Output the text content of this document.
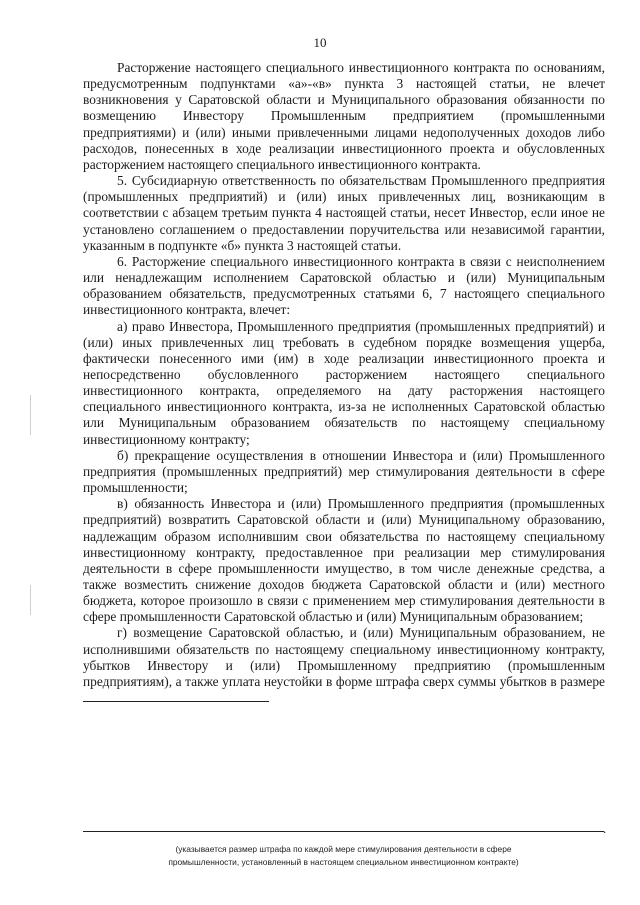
10

Расторжение настоящего специального инвестиционного контракта по основаниям, предусмотренным подпунктами «а»-«в» пункта 3 настоящей статьи, не влечет возникновения у Саратовской области и Муниципального образования обязанности по возмещению Инвестору Промышленным предприятием (промышленными предприятиями) и (или) иными привлеченными лицами недополученных доходов либо расходов, понесенных в ходе реализации инвестиционного проекта и обусловленных расторжением настоящего специального инвестиционного контракта.

5. Субсидиарную ответственность по обязательствам Промышленного предприятия (промышленных предприятий) и (или) иных привлеченных лиц, возникающим в соответствии с абзацем третьим пункта 4 настоящей статьи, несет Инвестор, если иное не установлено соглашением о предоставлении поручительства или независимой гарантии, указанным в подпункте «б» пункта 3 настоящей статьи.

6. Расторжение специального инвестиционного контракта в связи с неисполнением или ненадлежащим исполнением Саратовской областью и (или) Муниципальным образованием обязательств, предусмотренных статьями 6, 7 настоящего специального инвестиционного контракта, влечет:

а) право Инвестора, Промышленного предприятия (промышленных предприятий) и (или) иных привлеченных лиц требовать в судебном порядке возмещения ущерба, фактически понесенного ими (им) в ходе реализации инвестиционного проекта и непосредственно обусловленного расторжением настоящего специального инвестиционного контракта, определяемого на дату расторжения настоящего специального инвестиционного контракта, из-за не исполненных Саратовской областью или Муниципальным образованием обязательств по настоящему специальному инвестиционному контракту;

б) прекращение осуществления в отношении Инвестора и (или) Промышленного предприятия (промышленных предприятий) мер стимулирования деятельности в сфере промышленности;

в) обязанность Инвестора и (или) Промышленного предприятия (промышленных предприятий) возвратить Саратовской области и (или) Муниципальному образованию, надлежащим образом исполнившим свои обязательства по настоящему специальному инвестиционному контракту, предоставленное при реализации мер стимулирования деятельности в сфере промышленности имущество, в том числе денежные средства, а также возместить снижение доходов бюджета Саратовской области и (или) местного бюджета, которое произошло в связи с применением мер стимулирования деятельности в сфере промышленности Саратовской областью и (или) Муниципальным образованием;

г) возмещение Саратовской областью, и (или) Муниципальным образованием, не исполнившими обязательств по настоящему специальному инвестиционному контракту, убытков Инвестору и (или) Промышленному предприятию (промышленным предприятиям), а также уплата неустойки в форме штрафа сверх суммы убытков в размере

.
(указывается размер штрафа по каждой мере стимулирования деятельности в сфере
промышленности, установленный в настоящем специальном инвестиционном контракте)
